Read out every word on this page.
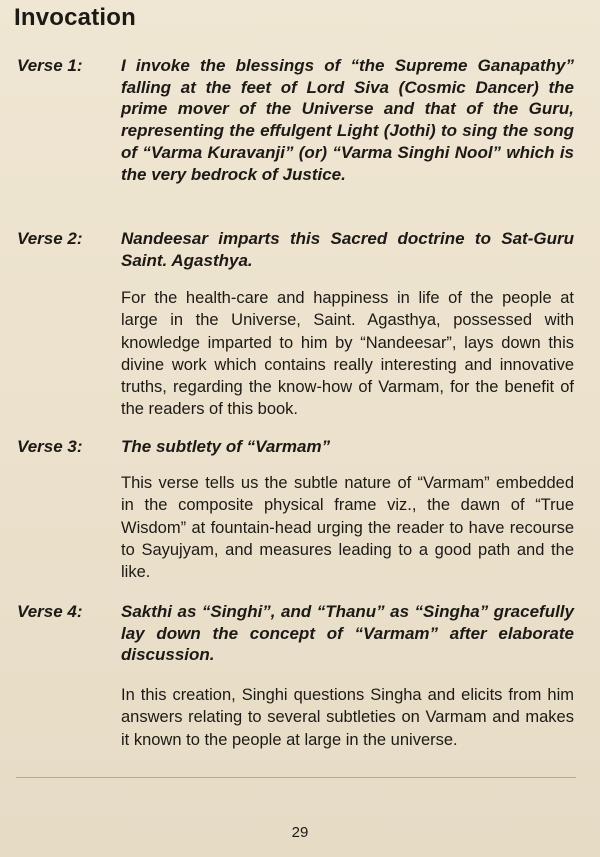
Invocation
Verse 1: I invoke the blessings of “the Supreme Ganapathy” falling at the feet of Lord Siva (Cosmic Dancer) the prime mover of the Universe and that of the Guru, representing the effulgent Light (Jothi) to sing the song of “Varma Kuravanji” (or) “Varma Singhi Nool” which is the very bedrock of Justice.

Verse 2: Nandeesar imparts this Sacred doctrine to Sat-Guru Saint. Agasthya.

For the health-care and happiness in life of the people at large in the Universe, Saint. Agasthya, possessed with knowledge imparted to him by “Nandeesar”, lays down this divine work which contains really interesting and innovative truths, regarding the know-how of Varmam, for the benefit of the readers of this book.

Verse 3: The subtlety of “Varmam”

This verse tells us the subtle nature of “Varmam” embedded in the composite physical frame viz., the dawn of “True Wisdom” at fountain-head urging the reader to have recourse to Sayujyam, and measures leading to a good path and the like.

Verse 4: Sakthi as “Singhi”, and “Thanu” as “Singha” gracefully lay down the concept of “Varmam” after elaborate discussion.

In this creation, Singhi questions Singha and elicits from him answers relating to several subtleties on Varmam and makes it known to the people at large in the universe.

29
